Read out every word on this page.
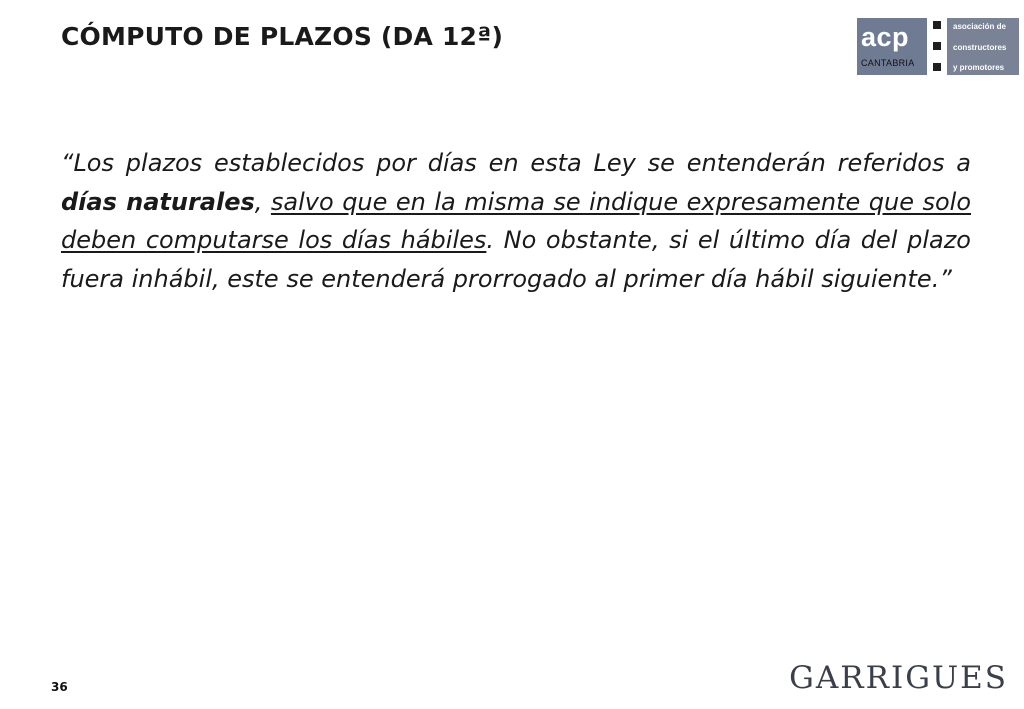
CÓMPUTO DE PLAZOS (DA 12ª)	acp
CANTABRIA
asociación de
constructores
y promotores

“Los plazos establecidos por días en esta Ley se entenderán referidos a días naturales, salvo que en la misma se indique expresamente que solo deben computarse los días hábiles. No obstante, si el último día del plazo fuera inhábil, este se entenderá prorrogado al primer día hábil siguiente.”

36	GARRIGUES
